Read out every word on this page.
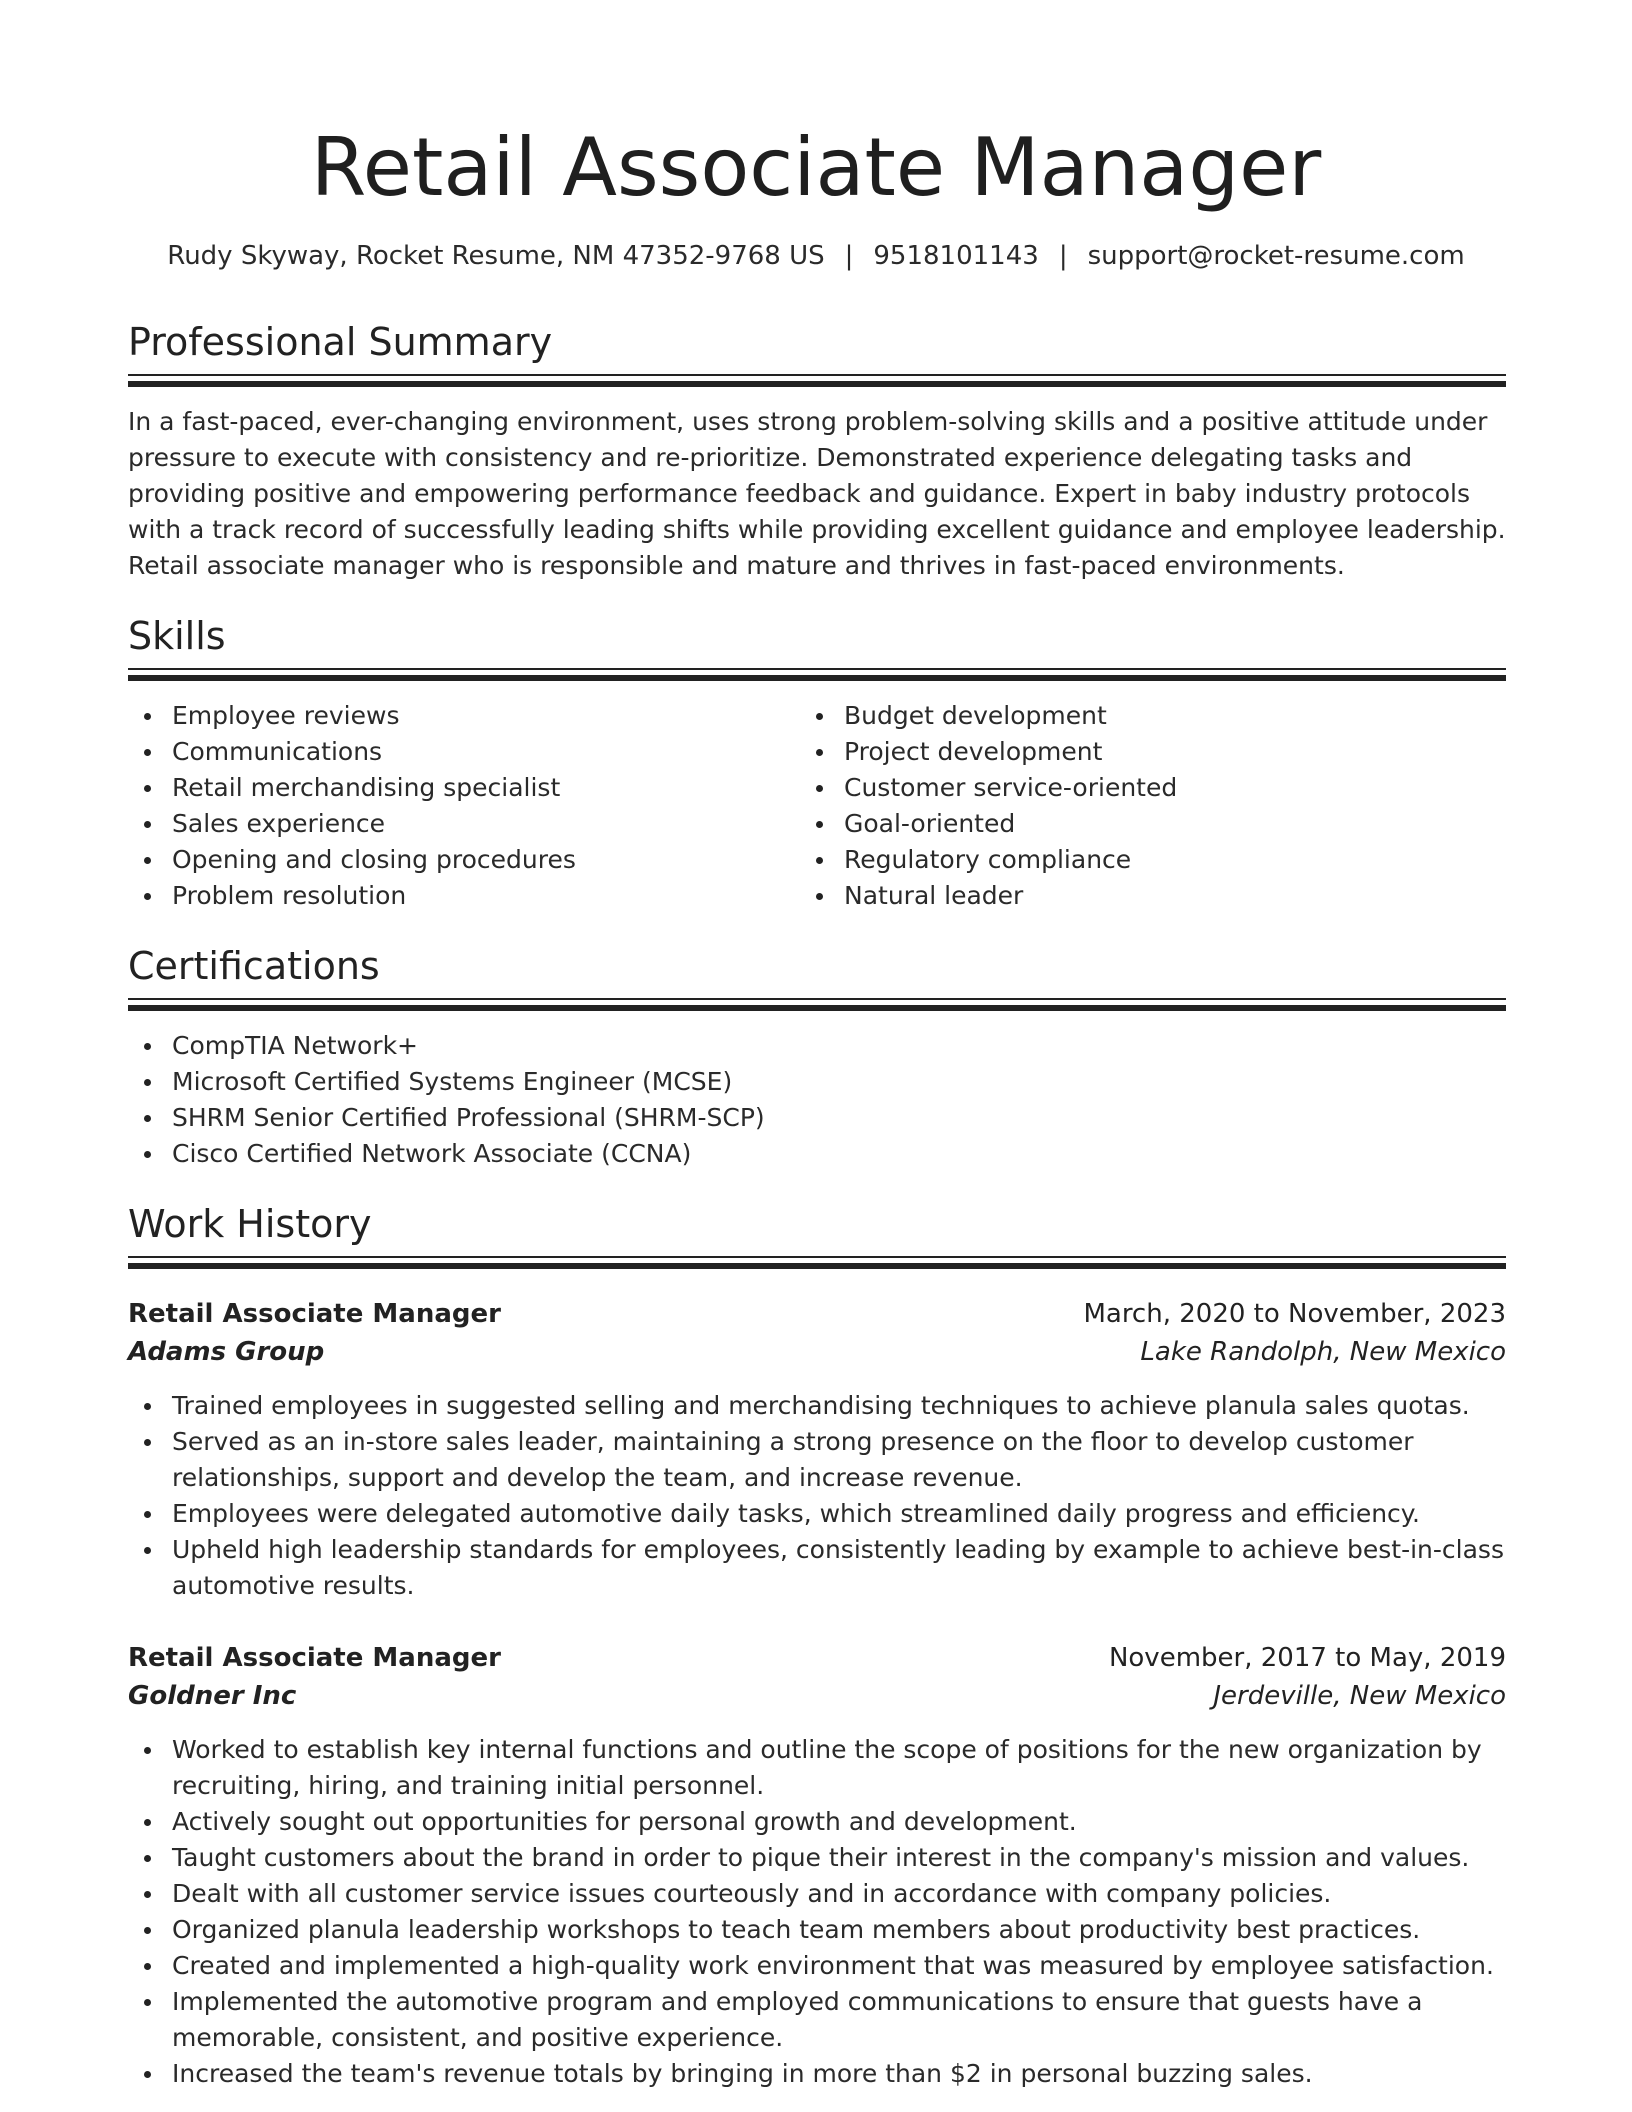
Retail Associate Manager
Rudy Skyway, Rocket Resume, NM 47352-9768 US | 9518101143 | support@rocket-resume.com
Professional Summary
In a fast-paced, ever-changing environment, uses strong problem-solving skills and a positive attitude under pressure to execute with consistency and re-prioritize. Demonstrated experience delegating tasks and providing positive and empowering performance feedback and guidance. Expert in baby industry protocols with a track record of successfully leading shifts while providing excellent guidance and employee leadership. Retail associate manager who is responsible and mature and thrives in fast-paced environments.
Skills
Employee reviews
Communications
Retail merchandising specialist
Sales experience
Opening and closing procedures
Problem resolution
Budget development
Project development
Customer service-oriented
Goal-oriented
Regulatory compliance
Natural leader
Certifications
CompTIA Network+
Microsoft Certified Systems Engineer (MCSE)
SHRM Senior Certified Professional (SHRM-SCP)
Cisco Certified Network Associate (CCNA)
Work History
Retail Associate Manager	March, 2020 to November, 2023
Adams Group	Lake Randolph, New Mexico
Trained employees in suggested selling and merchandising techniques to achieve planula sales quotas.
Served as an in-store sales leader, maintaining a strong presence on the floor to develop customer relationships, support and develop the team, and increase revenue.
Employees were delegated automotive daily tasks, which streamlined daily progress and efficiency.
Upheld high leadership standards for employees, consistently leading by example to achieve best-in-class automotive results.
Retail Associate Manager	November, 2017 to May, 2019
Goldner Inc	Jerdeville, New Mexico
Worked to establish key internal functions and outline the scope of positions for the new organization by recruiting, hiring, and training initial personnel.
Actively sought out opportunities for personal growth and development.
Taught customers about the brand in order to pique their interest in the company's mission and values.
Dealt with all customer service issues courteously and in accordance with company policies.
Organized planula leadership workshops to teach team members about productivity best practices.
Created and implemented a high-quality work environment that was measured by employee satisfaction.
Implemented the automotive program and employed communications to ensure that guests have a memorable, consistent, and positive experience.
Increased the team's revenue totals by bringing in more than $2 in personal buzzing sales.
